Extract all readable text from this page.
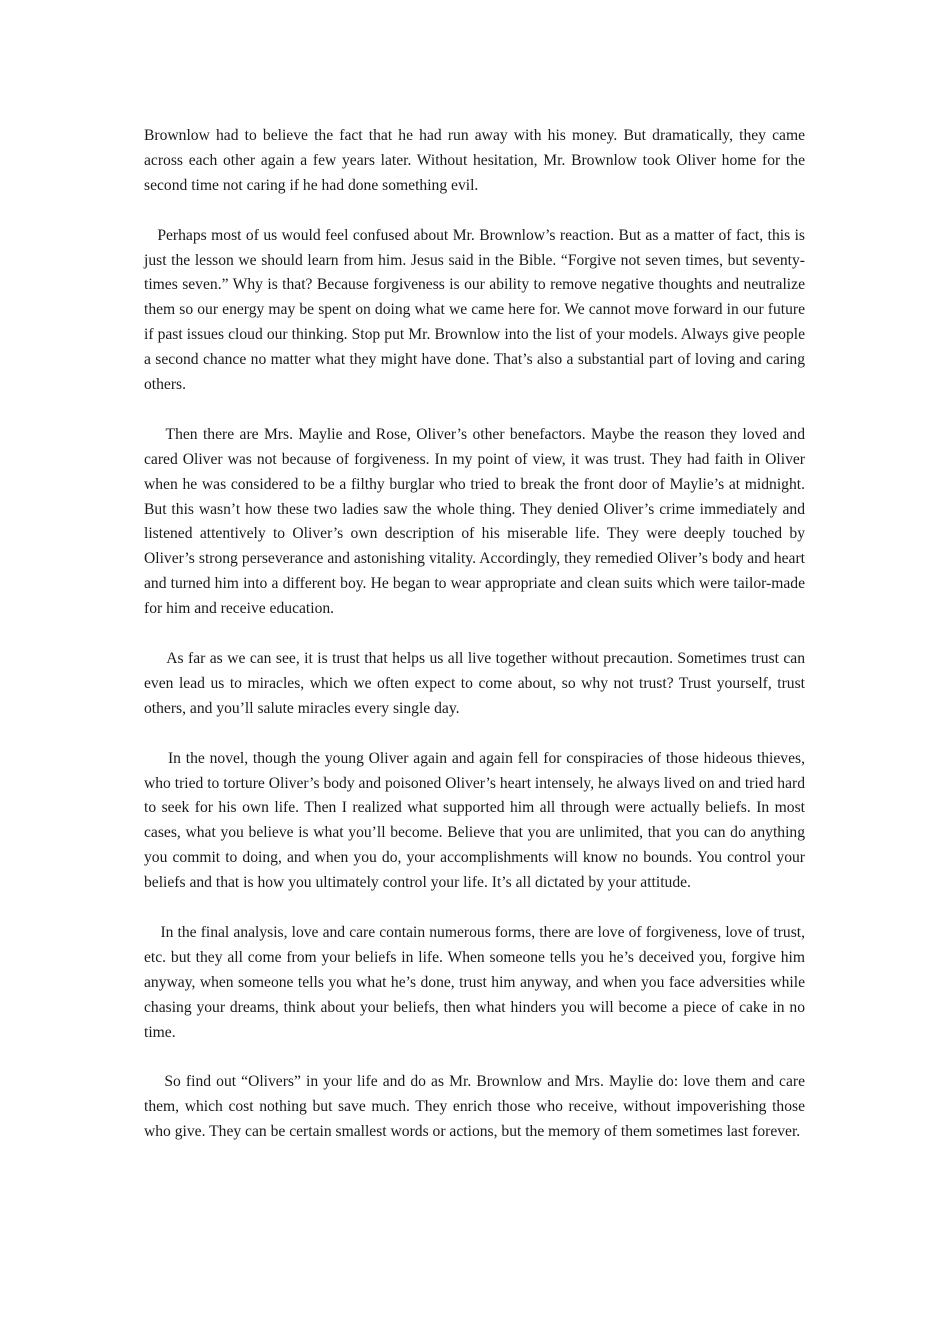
Brownlow had to believe the fact that he had run away with his money. But dramatically, they came across each other again a few years later. Without hesitation, Mr. Brownlow took Oliver home for the second time not caring if he had done something evil.

Perhaps most of us would feel confused about Mr. Brownlow’s reaction. But as a matter of fact, this is just the lesson we should learn from him. Jesus said in the Bible. “Forgive not seven times, but seventy-times seven.” Why is that? Because forgiveness is our ability to remove negative thoughts and neutralize them so our energy may be spent on doing what we came here for. We cannot move forward in our future if past issues cloud our thinking. Stop put Mr. Brownlow into the list of your models. Always give people a second chance no matter what they might have done. That’s also a substantial part of loving and caring others.

Then there are Mrs. Maylie and Rose, Oliver’s other benefactors. Maybe the reason they loved and cared Oliver was not because of forgiveness. In my point of view, it was trust. They had faith in Oliver when he was considered to be a filthy burglar who tried to break the front door of Maylie’s at midnight. But this wasn’t how these two ladies saw the whole thing. They denied Oliver’s crime immediately and listened attentively to Oliver’s own description of his miserable life. They were deeply touched by Oliver’s strong perseverance and astonishing vitality. Accordingly, they remedied Oliver’s body and heart and turned him into a different boy. He began to wear appropriate and clean suits which were tailor-made for him and receive education.

As far as we can see, it is trust that helps us all live together without precaution. Sometimes trust can even lead us to miracles, which we often expect to come about, so why not trust? Trust yourself, trust others, and you’ll salute miracles every single day.

In the novel, though the young Oliver again and again fell for conspiracies of those hideous thieves, who tried to torture Oliver’s body and poisoned Oliver’s heart intensely, he always lived on and tried hard to seek for his own life. Then I realized what supported him all through were actually beliefs. In most cases, what you believe is what you’ll become. Believe that you are unlimited, that you can do anything you commit to doing, and when you do, your accomplishments will know no bounds. You control your beliefs and that is how you ultimately control your life. It’s all dictated by your attitude.

In the final analysis, love and care contain numerous forms, there are love of forgiveness, love of trust, etc. but they all come from your beliefs in life. When someone tells you he’s deceived you, forgive him anyway, when someone tells you what he’s done, trust him anyway, and when you face adversities while chasing your dreams, think about your beliefs, then what hinders you will become a piece of cake in no time.

So find out “Olivers” in your life and do as Mr. Brownlow and Mrs. Maylie do: love them and care them, which cost nothing but save much. They enrich those who receive, without impoverishing those who give. They can be certain smallest words or actions, but the memory of them sometimes last forever.
